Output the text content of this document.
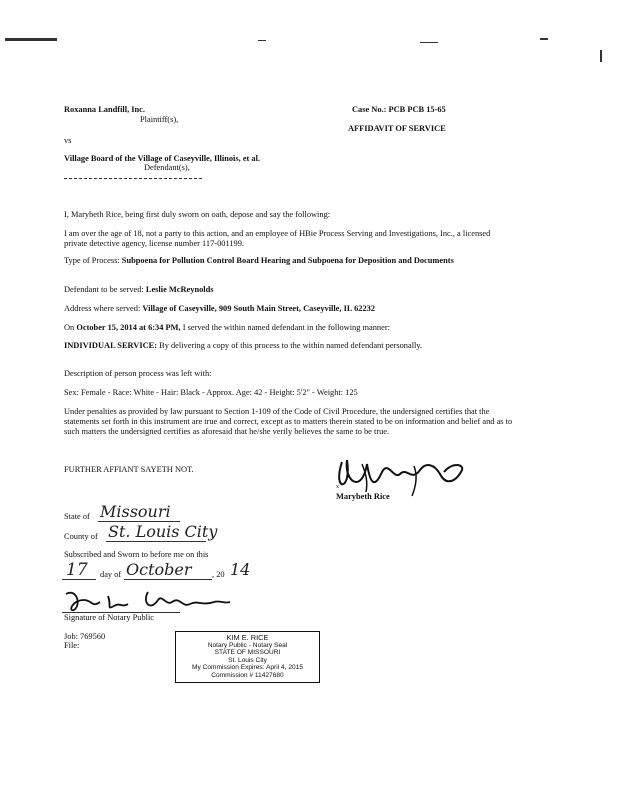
Roxanna Landfill, Inc.
Plaintiff(s),
Case No.: PCB PCB 15-65
AFFIDAVIT OF SERVICE
vs
Village Board of the Village of Caseyville, Illinois, et al.
Defendant(s),
I, Marybeth Rice, being first duly sworn on oath, depose and say the following:
I am over the age of 18, not a party to this action, and an employee of HBie Process Serving and Investigations, Inc., a licensed private detective agency, license number 117-001199.
Type of Process: Subpoena for Pollution Control Board Hearing and Subpoena for Deposition and Documents
Defendant to be served: Leslie McReynolds
Address where served: Village of Caseyville, 909 South Main Street, Caseyville, IL 62232
On October 15, 2014 at 6:34 PM, I served the within named defendant in the following manner:
INDIVIDUAL SERVICE: By delivering a copy of this process to the within named defendant personally.
Description of person process was left with:
Sex: Female - Race: White - Hair: Black - Approx. Age: 42 - Height: 5'2" - Weight: 125
Under penalties as provided by law pursuant to Section 1-109 of the Code of Civil Procedure, the undersigned certifies that the statements set forth in this instrument are true and correct, except as to matters therein stated to be on information and belief and as to such matters the undersigned certifies as aforesaid that he/she verily believes the same to be true.
FURTHER AFFIANT SAYETH NOT.
x
Marybeth Rice
State of Missouri
County of St. Louis City
Subscribed and Sworn to before me on this
17 day of October , 20 14
Signature of Notary Public
Job: 769560
File:
KIM E. RICE
Notary Public - Notary Seal
STATE OF MISSOURI
St. Louis City
My Commission Expires: April 4, 2015
Commission # 11427680
